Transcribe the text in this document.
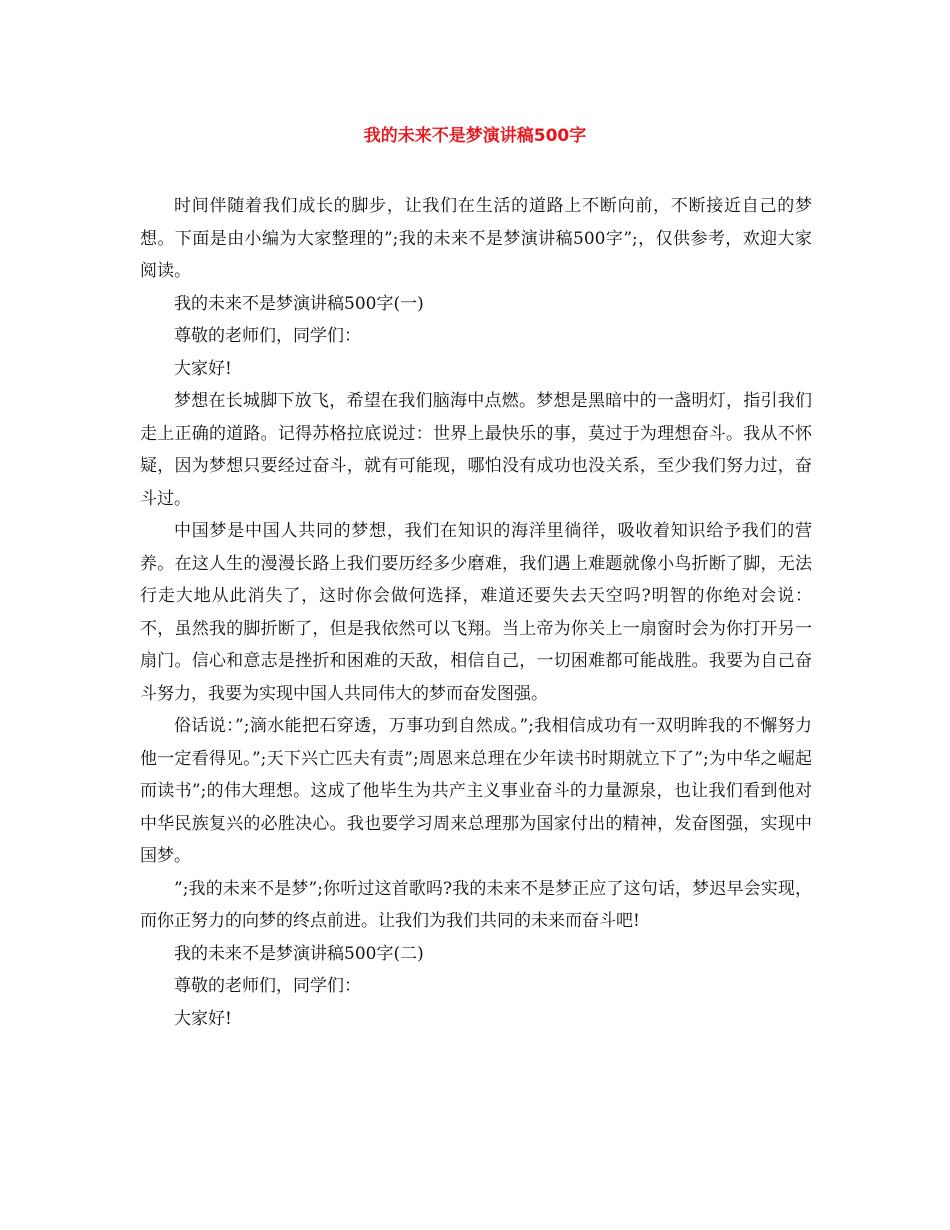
我的未来不是梦演讲稿500字

时间伴随着我们成长的脚步，让我们在生活的道路上不断向前，不断接近自己的梦想。下面是由小编为大家整理的”;我的未来不是梦演讲稿500字”;，仅供参考，欢迎大家阅读。

我的未来不是梦演讲稿500字(一)

尊敬的老师们，同学们：

大家好!

梦想在长城脚下放飞，希望在我们脑海中点燃。梦想是黑暗中的一盏明灯，指引我们走上正确的道路。记得苏格拉底说过：世界上最快乐的事，莫过于为理想奋斗。我从不怀疑，因为梦想只要经过奋斗，就有可能现，哪怕没有成功也没关系，至少我们努力过，奋斗过。

中国梦是中国人共同的梦想，我们在知识的海洋里徜徉，吸收着知识给予我们的营养。在这人生的漫漫长路上我们要历经多少磨难，我们遇上难题就像小鸟折断了脚，无法行走大地从此消失了，这时你会做何选择，难道还要失去天空吗?明智的你绝对会说：不，虽然我的脚折断了，但是我依然可以飞翔。当上帝为你关上一扇窗时会为你打开另一扇门。信心和意志是挫折和困难的天敌，相信自己，一切困难都可能战胜。我要为自己奋斗努力，我要为实现中国人共同伟大的梦而奋发图强。

俗话说：”;滴水能把石穿透，万事功到自然成。”;我相信成功有一双明眸我的不懈努力他一定看得见。”;天下兴亡匹夫有责”;周恩来总理在少年读书时期就立下了”;为中华之崛起而读书”;的伟大理想。这成了他毕生为共产主义事业奋斗的力量源泉，也让我们看到他对中华民族复兴的必胜决心。我也要学习周来总理那为国家付出的精神，发奋图强，实现中国梦。

”;我的未来不是梦”;你听过这首歌吗?我的未来不是梦正应了这句话，梦迟早会实现，而你正努力的向梦的终点前进。让我们为我们共同的未来而奋斗吧!

我的未来不是梦演讲稿500字(二)

尊敬的老师们，同学们：

大家好!
